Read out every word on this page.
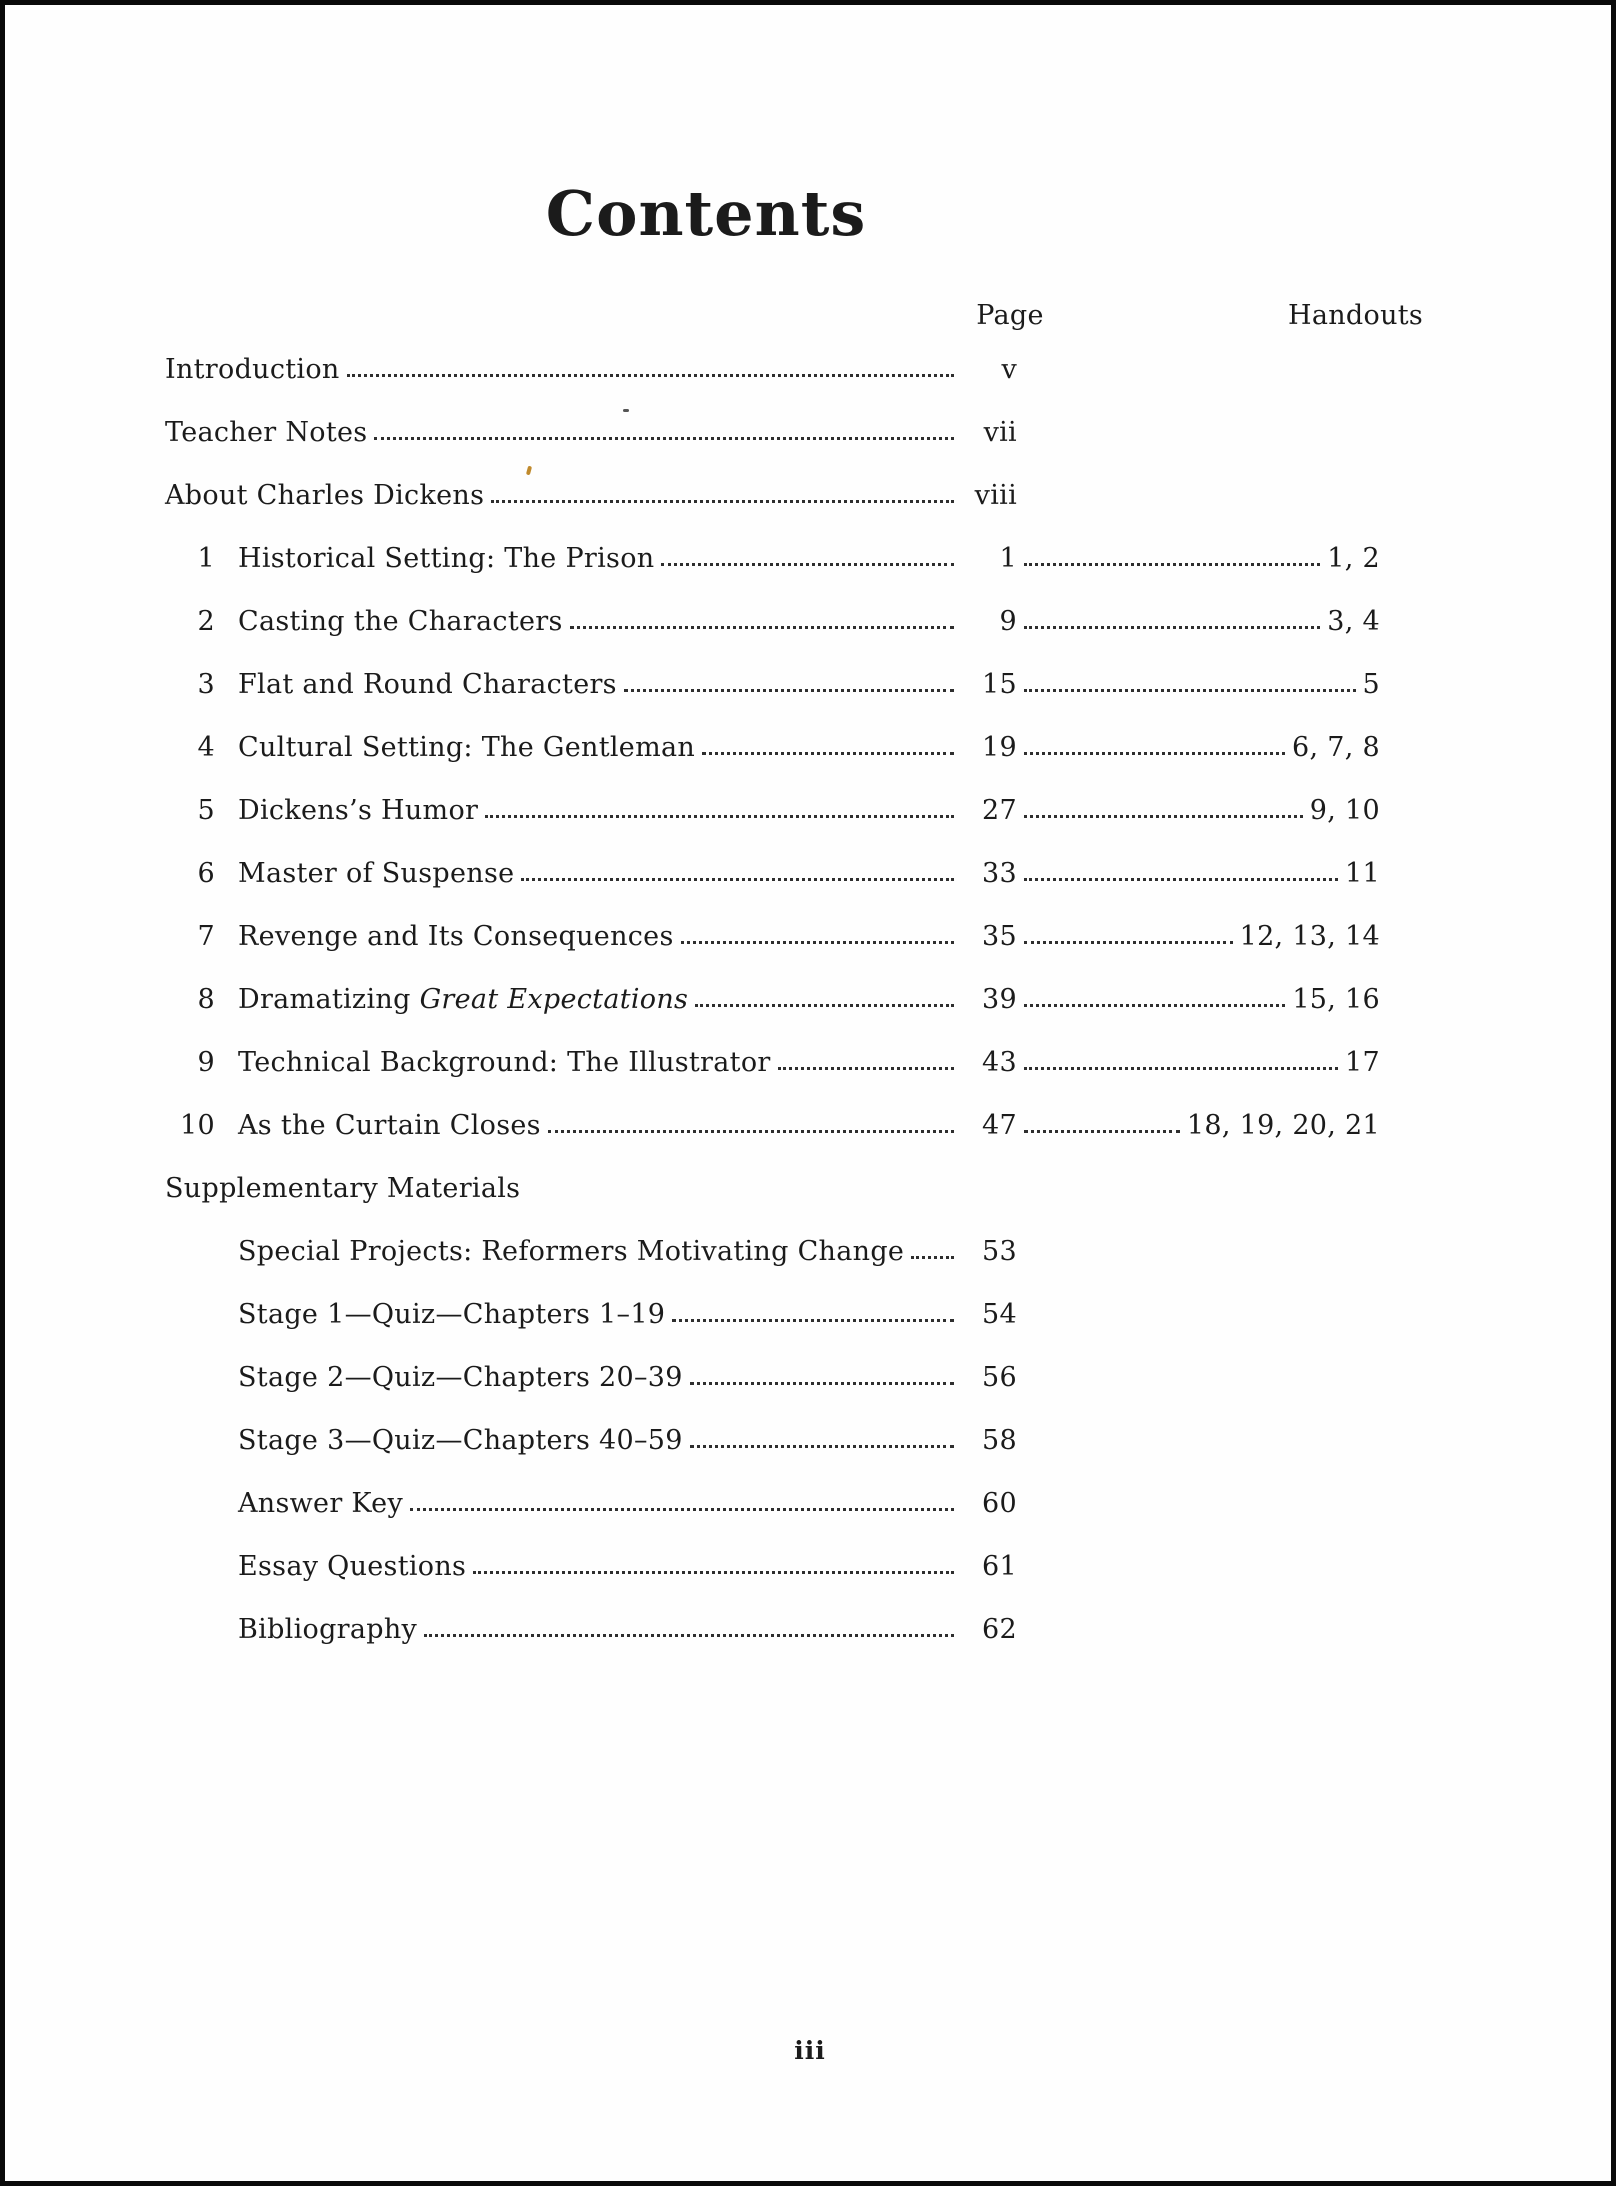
Contents
Page	Handouts
Introduction	v
Teacher Notes	vii
About Charles Dickens	viii
1 Historical Setting: The Prison	1	1, 2
2 Casting the Characters	9	3, 4
3 Flat and Round Characters	15	5
4 Cultural Setting: The Gentleman	19	6, 7, 8
5 Dickens’s Humor	27	9, 10
6 Master of Suspense	33	11
7 Revenge and Its Consequences	35	12, 13, 14
8 Dramatizing Great Expectations	39	15, 16
9 Technical Background: The Illustrator	43	17
10 As the Curtain Closes	47	18, 19, 20, 21
Supplementary Materials
Special Projects: Reformers Motivating Change	53
Stage 1—Quiz—Chapters 1–19	54
Stage 2—Quiz—Chapters 20–39	56
Stage 3—Quiz—Chapters 40–59	58
Answer Key	60
Essay Questions	61
Bibliography	62
iii
